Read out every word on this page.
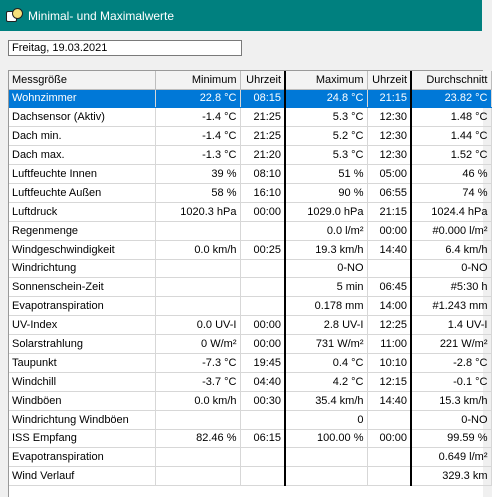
Minimal- und Maximalwerte
Freitag, 19.03.2021
Messgröße	Minimum	Uhrzeit	Maximum	Uhrzeit	Durchschnitt
Wohnzimmer	22.8 °C	08:15	24.8 °C	21:15	23.82 °C
Dachsensor (Aktiv)	-1.4 °C	21:25	5.3 °C	12:30	1.48 °C
Dach min.	-1.4 °C	21:25	5.2 °C	12:30	1.44 °C
Dach max.	-1.3 °C	21:20	5.3 °C	12:30	1.52 °C
Luftfeuchte Innen	39 %	08:10	51 %	05:00	46 %
Luftfeuchte Außen	58 %	16:10	90 %	06:55	74 %
Luftdruck	1020.3 hPa	00:00	1029.0 hPa	21:15	1024.4 hPa
Regenmenge			0.0 l/m²	00:00	#0.000 l/m²
Windgeschwindigkeit	0.0 km/h	00:25	19.3 km/h	14:40	6.4 km/h
Windrichtung			0-NO		0-NO
Sonnenschein-Zeit			5 min	06:45	#5:30 h
Evapotranspiration			0.178 mm	14:00	#1.243 mm
UV-Index	0.0 UV-I	00:00	2.8 UV-I	12:25	1.4 UV-I
Solarstrahlung	0 W/m²	00:00	731 W/m²	11:00	221 W/m²
Taupunkt	-7.3 °C	19:45	0.4 °C	10:10	-2.8 °C
Windchill	-3.7 °C	04:40	4.2 °C	12:15	-0.1 °C
Windböen	0.0 km/h	00:30	35.4 km/h	14:40	15.3 km/h
Windrichtung Windböen			0		0-NO
ISS Empfang	82.46 %	06:15	100.00 %	00:00	99.59 %
Evapotranspiration					0.649 l/m²
Wind Verlauf					329.3 km
